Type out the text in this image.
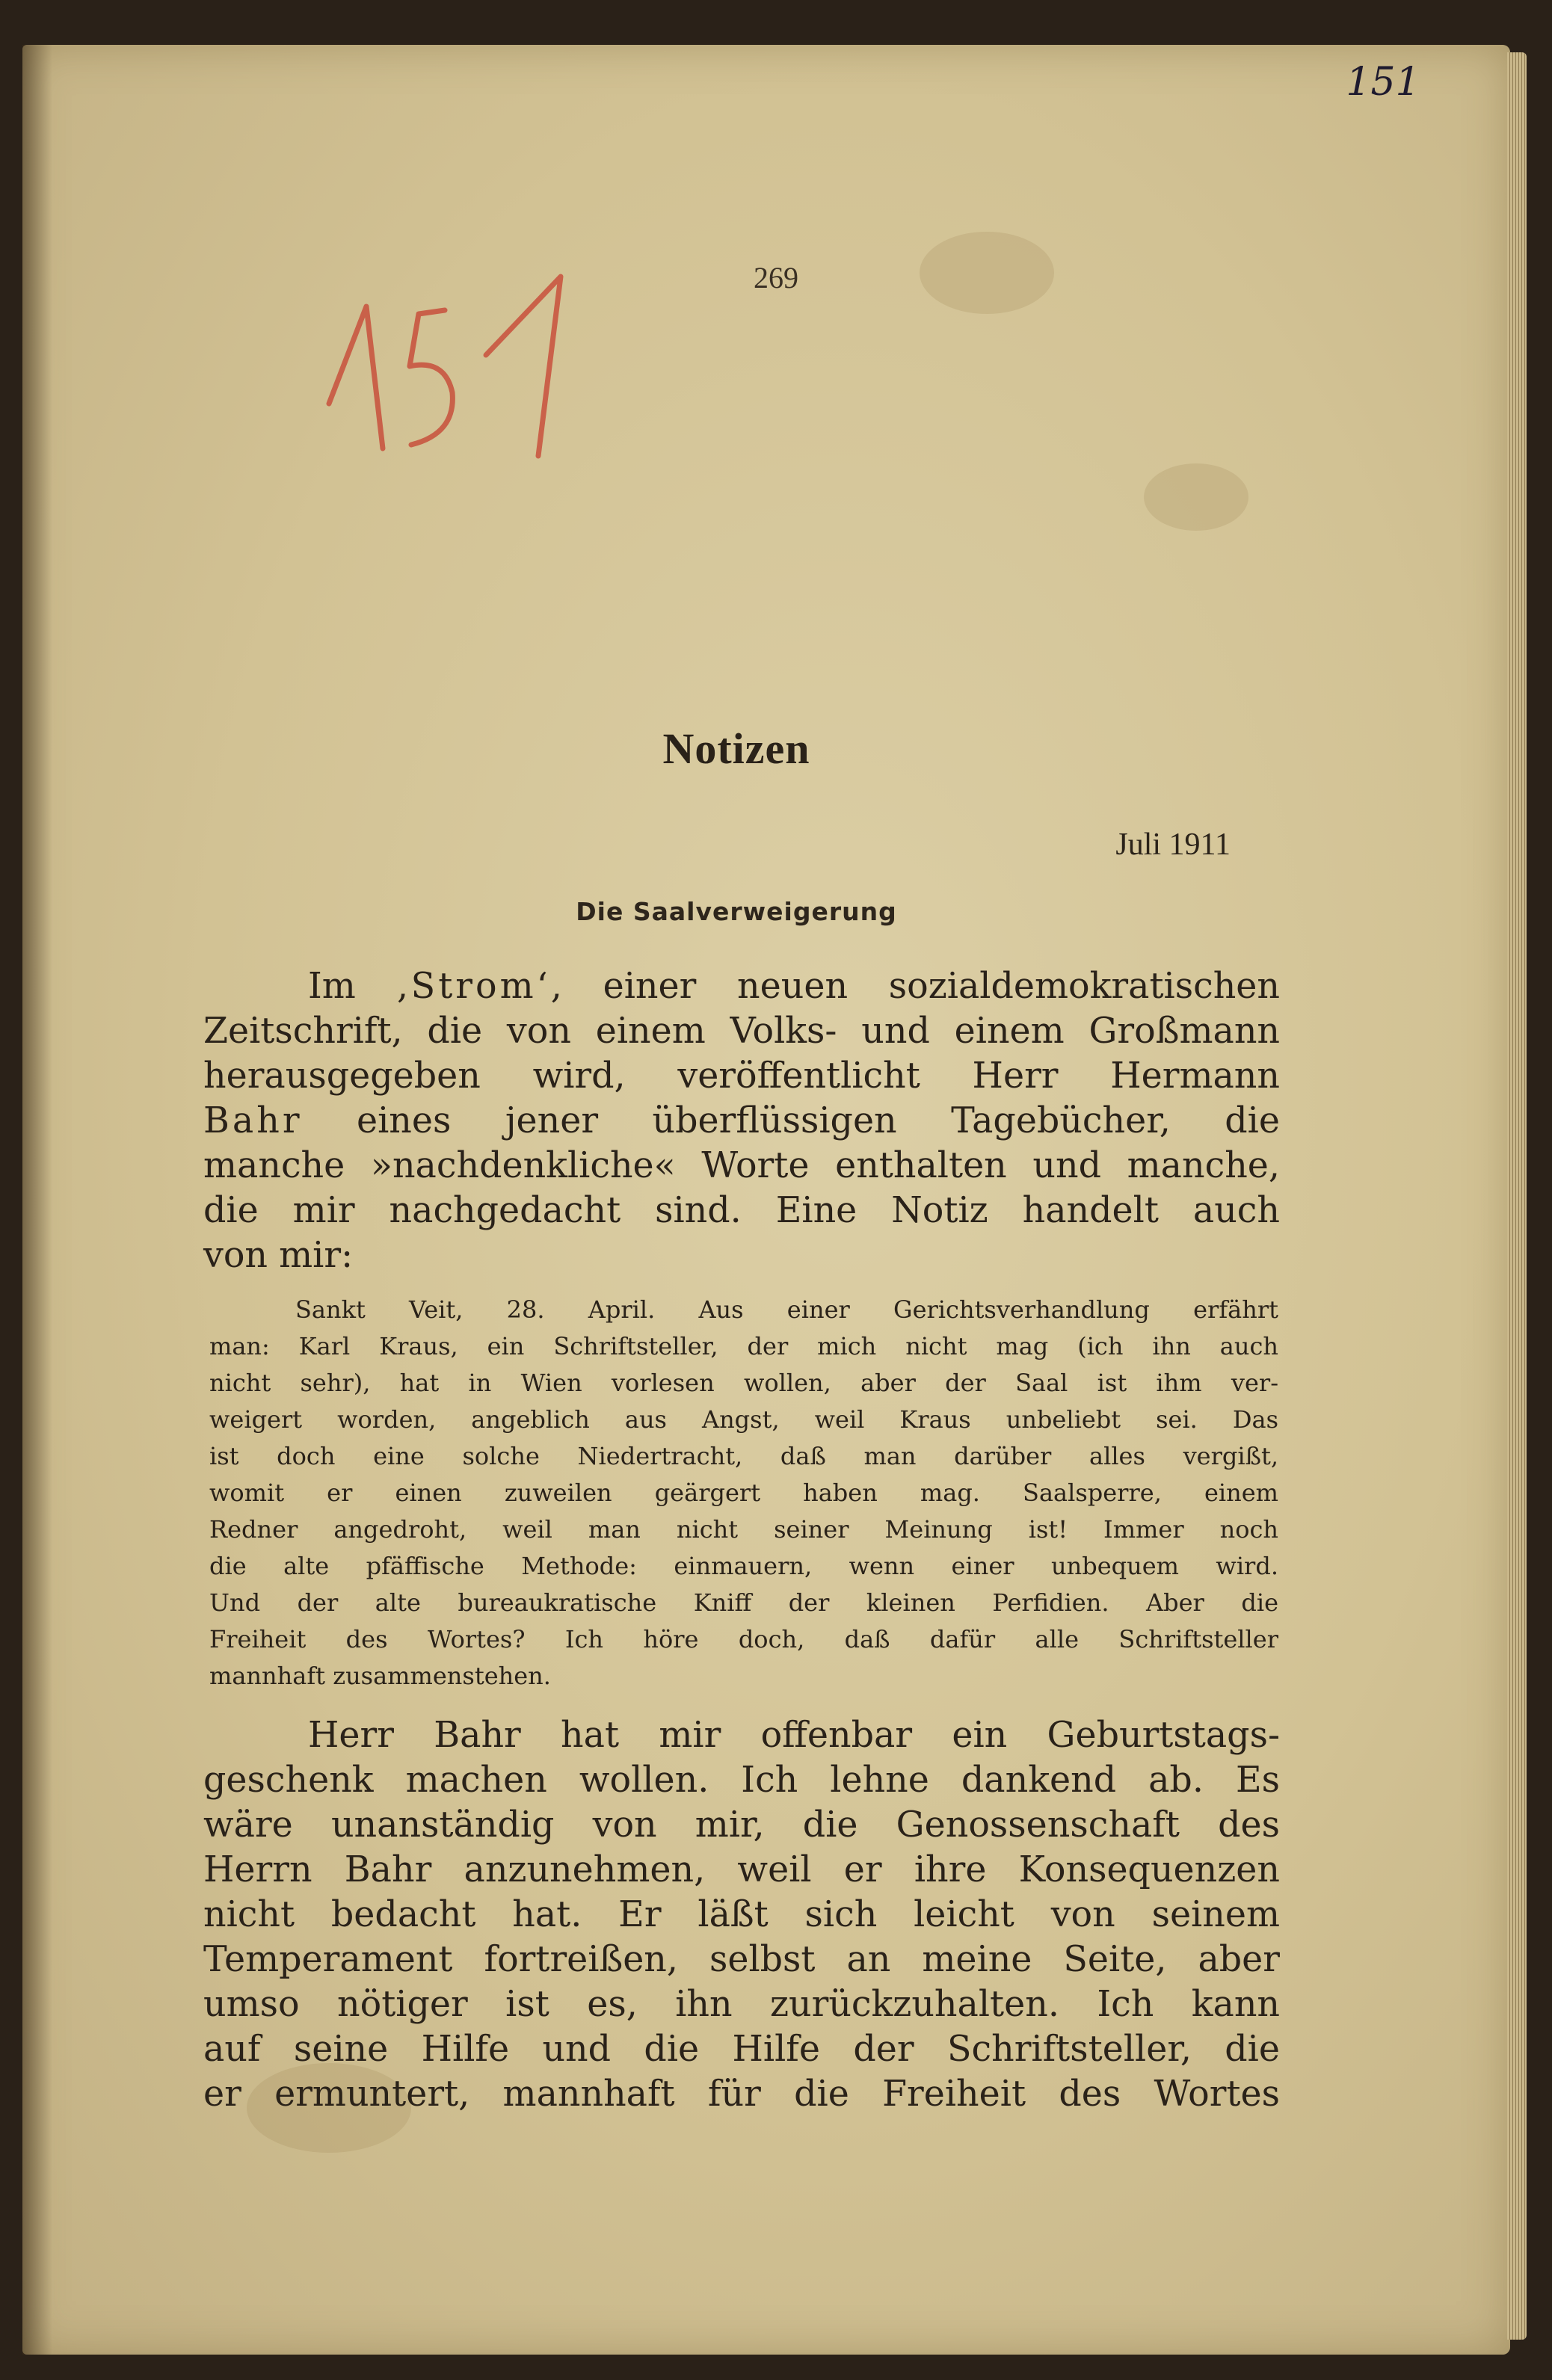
151
269
Notizen
Juli 1911
Die Saalverweigerung

Im ‚Strom‘, einer neuen sozialdemokratischen
Zeitschrift, die von einem Volks- und einem Großmann
herausgegeben wird, veröffentlicht Herr Hermann
Bahr eines jener überflüssigen Tagebücher, die
manche »nachdenkliche« Worte enthalten und manche,
die mir nachgedacht sind. Eine Notiz handelt auch
von mir:

Sankt Veit, 28. April. Aus einer Gerichtsverhandlung erfährt
man: Karl Kraus, ein Schriftsteller, der mich nicht mag (ich ihn auch
nicht sehr), hat in Wien vorlesen wollen, aber der Saal ist ihm ver-
weigert worden, angeblich aus Angst, weil Kraus unbeliebt sei. Das
ist doch eine solche Niedertracht, daß man darüber alles vergißt,
womit er einen zuweilen geärgert haben mag. Saalsperre, einem
Redner angedroht, weil man nicht seiner Meinung ist! Immer noch
die alte pfäffische Methode: einmauern, wenn einer unbequem wird.
Und der alte bureaukratische Kniff der kleinen Perfidien. Aber die
Freiheit des Wortes? Ich höre doch, daß dafür alle Schriftsteller
mannhaft zusammenstehen.

Herr Bahr hat mir offenbar ein Geburtstags-
geschenk machen wollen. Ich lehne dankend ab. Es
wäre unanständig von mir, die Genossenschaft des
Herrn Bahr anzunehmen, weil er ihre Konsequenzen
nicht bedacht hat. Er läßt sich leicht von seinem
Temperament fortreißen, selbst an meine Seite, aber
umso nötiger ist es, ihn zurückzuhalten. Ich kann
auf seine Hilfe und die Hilfe der Schriftsteller, die
er ermuntert, mannhaft für die Freiheit des Wortes
